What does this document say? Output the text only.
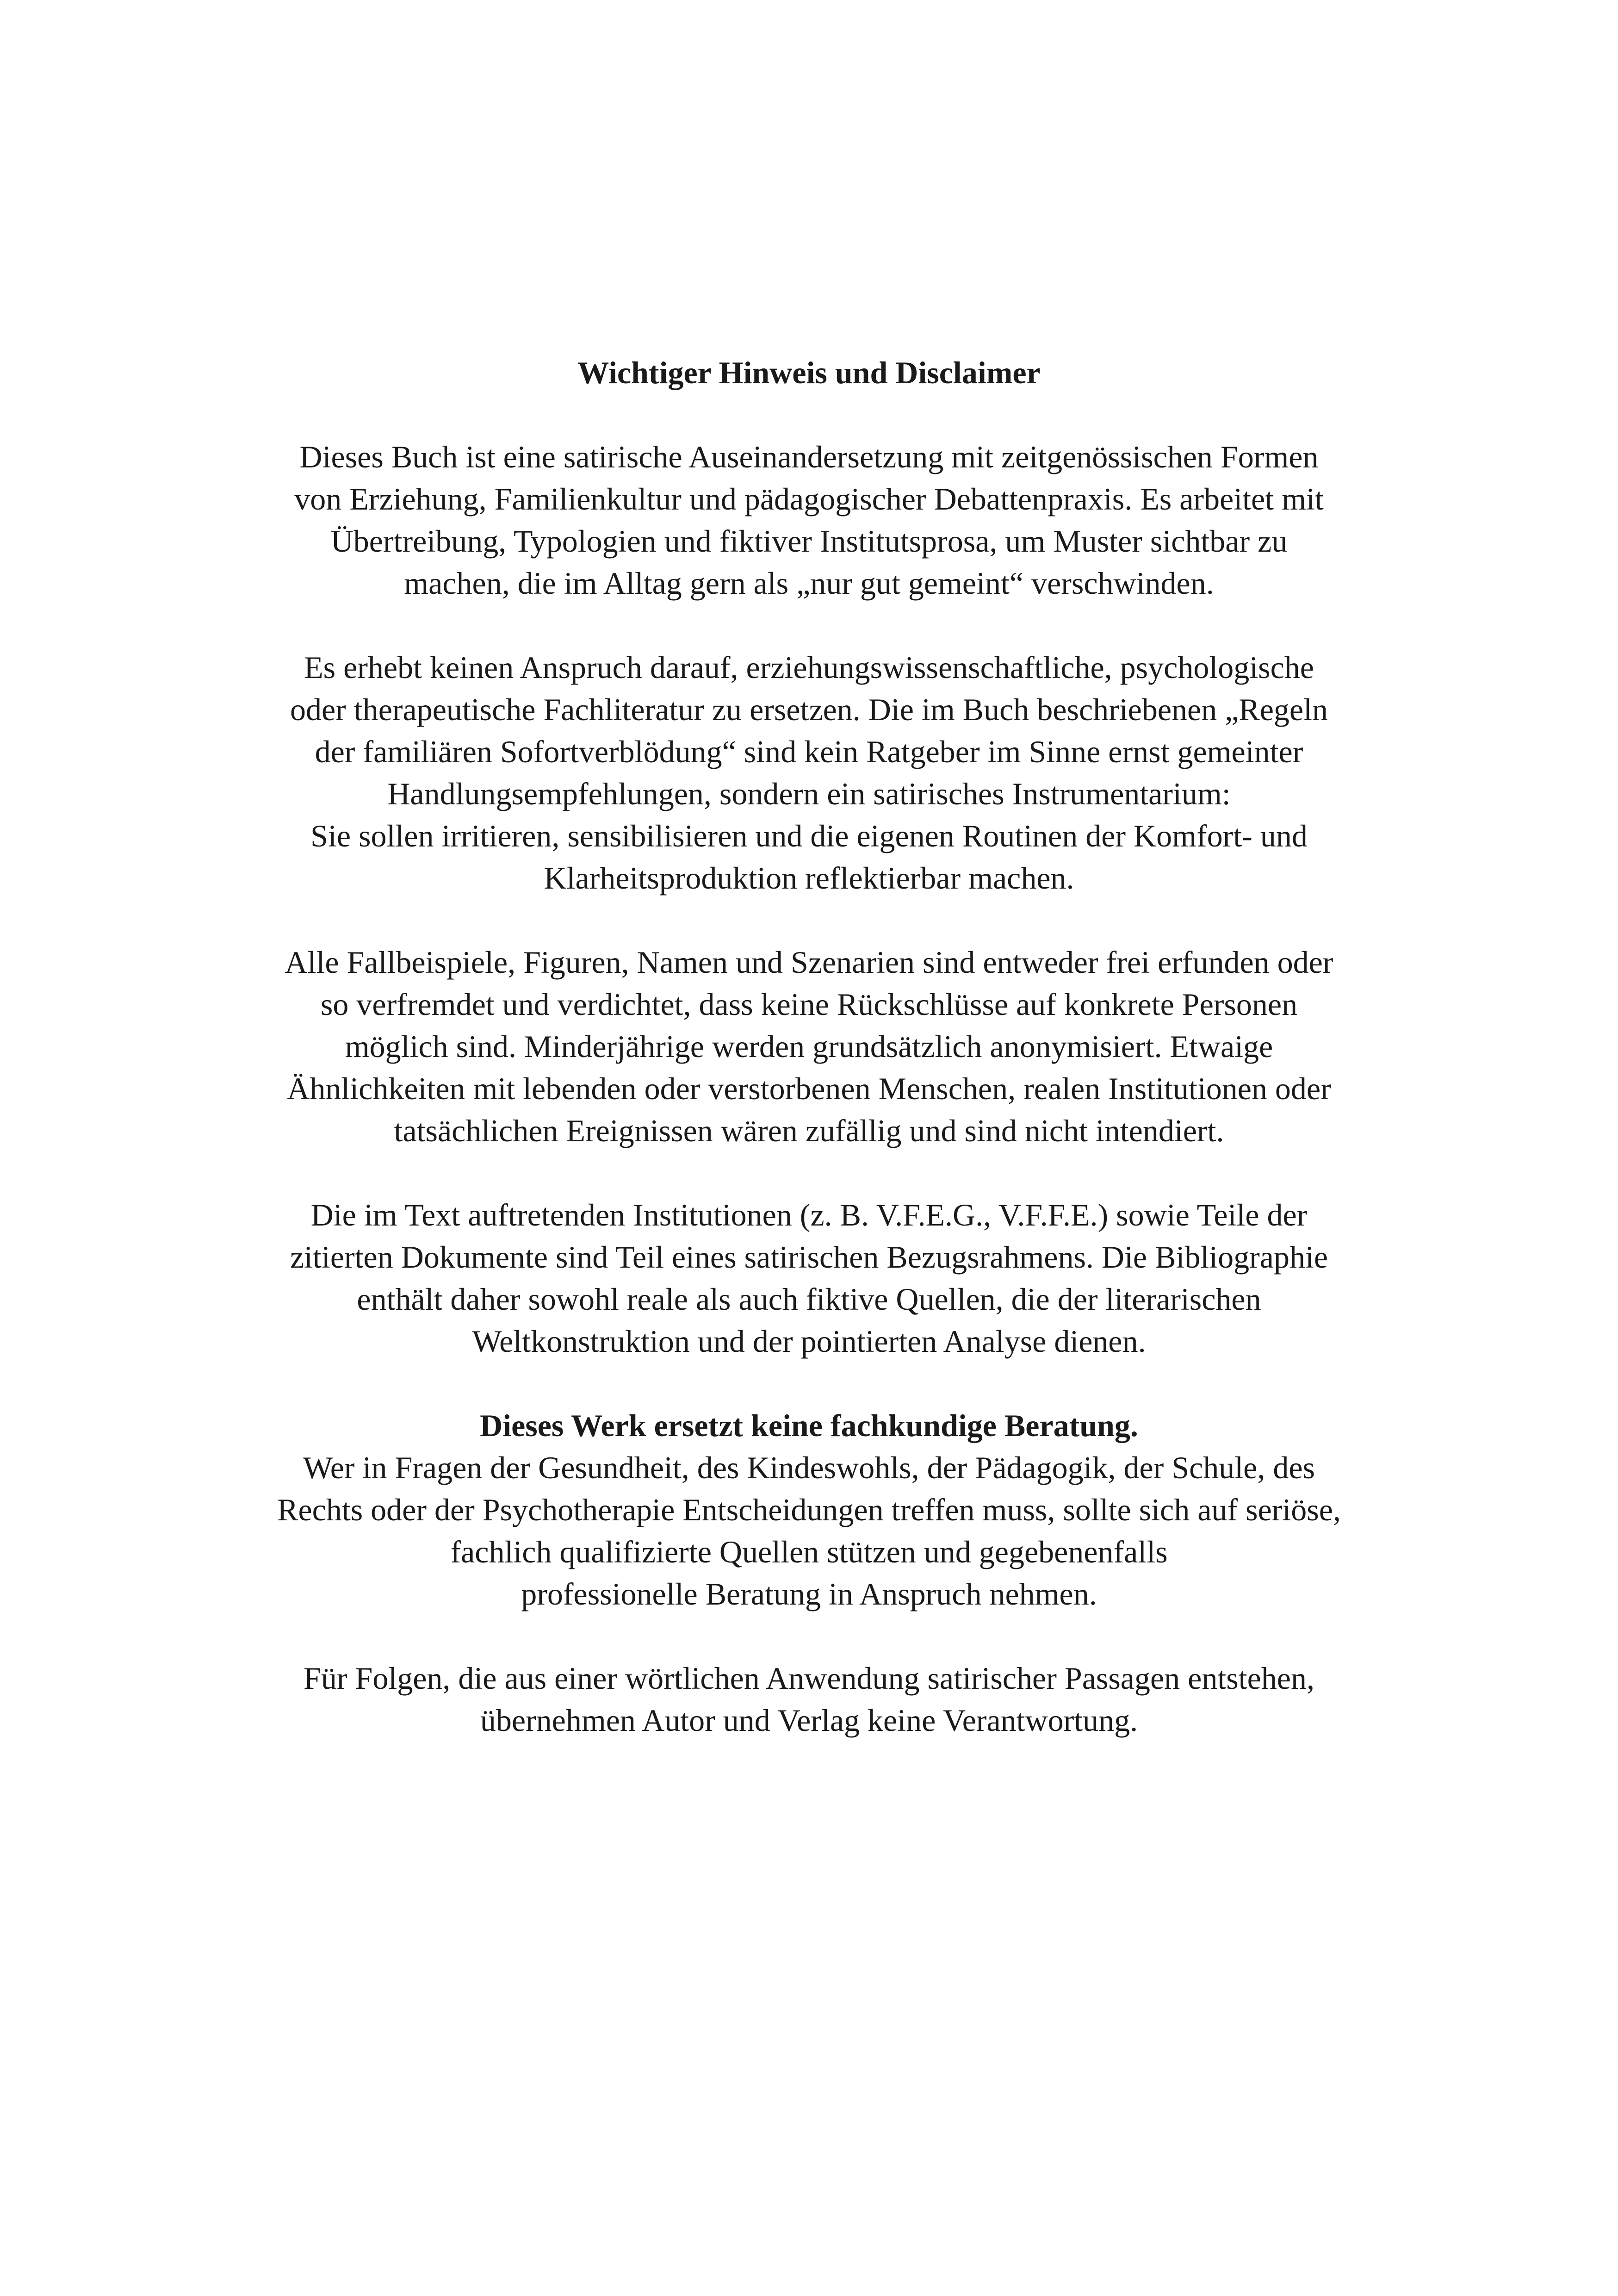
Wichtiger Hinweis und Disclaimer

Dieses Buch ist eine satirische Auseinandersetzung mit zeitgenössischen Formen
von Erziehung, Familienkultur und pädagogischer Debattenpraxis. Es arbeitet mit
Übertreibung, Typologien und fiktiver Institutsprosa, um Muster sichtbar zu
machen, die im Alltag gern als „nur gut gemeint“ verschwinden.

Es erhebt keinen Anspruch darauf, erziehungswissenschaftliche, psychologische
oder therapeutische Fachliteratur zu ersetzen. Die im Buch beschriebenen „Regeln
der familiären Sofortverblödung“ sind kein Ratgeber im Sinne ernst gemeinter
Handlungsempfehlungen, sondern ein satirisches Instrumentarium:
Sie sollen irritieren, sensibilisieren und die eigenen Routinen der Komfort- und
Klarheitsproduktion reflektierbar machen.

Alle Fallbeispiele, Figuren, Namen und Szenarien sind entweder frei erfunden oder
so verfremdet und verdichtet, dass keine Rückschlüsse auf konkrete Personen
möglich sind. Minderjährige werden grundsätzlich anonymisiert. Etwaige
Ähnlichkeiten mit lebenden oder verstorbenen Menschen, realen Institutionen oder
tatsächlichen Ereignissen wären zufällig und sind nicht intendiert.

Die im Text auftretenden Institutionen (z. B. V.F.E.G., V.F.F.E.) sowie Teile der
zitierten Dokumente sind Teil eines satirischen Bezugsrahmens. Die Bibliographie
enthält daher sowohl reale als auch fiktive Quellen, die der literarischen
Weltkonstruktion und der pointierten Analyse dienen.

Dieses Werk ersetzt keine fachkundige Beratung.
Wer in Fragen der Gesundheit, des Kindeswohls, der Pädagogik, der Schule, des
Rechts oder der Psychotherapie Entscheidungen treffen muss, sollte sich auf seriöse,
fachlich qualifizierte Quellen stützen und gegebenenfalls
professionelle Beratung in Anspruch nehmen.

Für Folgen, die aus einer wörtlichen Anwendung satirischer Passagen entstehen,
übernehmen Autor und Verlag keine Verantwortung.
